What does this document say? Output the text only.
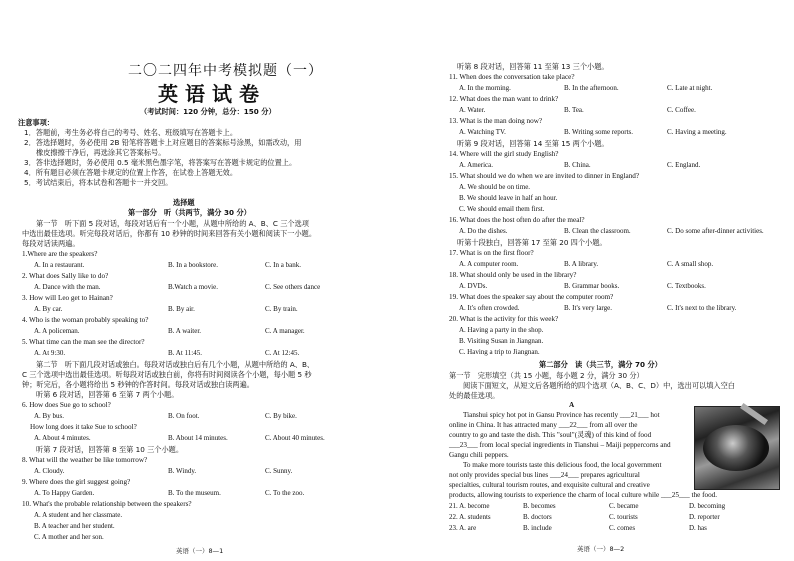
二〇二四年中考模拟题（一）
英语试卷
（考试时间：120 分钟，总分：150 分）
注意事项：
1．答题前，考生务必将自己的考号、姓名、班级填写在答题卡上。
2．答选择题时，务必使用 2B 铅笔将答题卡上对应题目的答案标号涂黑，如需改动，用
橡皮擦擦干净后，再选涂其它答案标号。
3．答非选择题时，务必使用 0.5 毫米黑色墨字笔，将答案写在答题卡规定的位置上。
4．所有题目必须在答题卡规定的位置上作答，在试卷上答题无效。
5．考试结束后，将本试卷和答题卡一并交回。
选择题
第一部分　听（共两节，满分 30 分）
第一节　听下面 5 段对话，每段对话后有一个小题，从题中所给的 A、B、C 三个选项
中选出最佳选项。听完每段对话后，你都有 10 秒钟的时间来回答有关小题和阅读下一小题。
每段对话读两遍。
1.Where are the speakers?
A. In a restaurant.	B. In a bookstore.	C. In a bank.
2. What does Sally like to do?
A. Dance with the man.	B.Watch a movie.	C. See others dance
3. How will Leo get to Hainan?
A. By car.	B. By air.	C. By train.
4. Who is the woman probably speaking to?
A. A policeman.	B. A waiter.	C. A manager.
5. What time can the man see the director?
A. At 9:30.	B. At 11:45.	C. At 12:45.
第二节　听下面几段对话或独白。每段对话或独白后有几个小题，从题中所给的 A、B、
C 三个选项中选出最佳选项。听每段对话或独白前，你将有时间阅读各个小题，每小题 5 秒
钟；听完后，各小题将给出 5 秒钟的作答时间。每段对话或独白读两遍。
听第 6 段对话，回答第 6 至第 7 两个小题。
6. How does Sue go to school?
A. By bus.	B. On foot.	C. By bike.
How long does it take Sue to school?
A. About 4 minutes.	B. About 14 minutes.	C. About 40 minutes.
听第 7 段对话，回答第 8 至第 10 三个小题。
8. What will the weather be like tomorrow?
A. Cloudy.	B. Windy.	C. Sunny.
9. Where does the girl suggest going?
A. To Happy Garden.	B. To the museum.	C. To the zoo.
10. What's the probable relationship between the speakers?
A. A student and her classmate.
B. A teacher and her student.
C. A mother and her son.
英语（一）8—1
听第 8 段对话，回答第 11 至第 13 三个小题。
11. When does the conversation take place?
A. In the morning.	B. In the afternoon.	C. Late at night.
12. What does the man want to drink?
A. Water.	B. Tea.	C. Coffee.
13. What is the man doing now?
A. Watching TV.	B. Writing some reports.	C. Having a meeting.
听第 9 段对话，回答第 14 至第 15 两个小题。
14. Where will the girl study English?
A. America.	B. China.	C. England.
15. What should we do when we are invited to dinner in England?
A. We should be on time.
B. We should leave in half an hour.
C. We should email them first.
16. What does the host often do after the meal?
A. Do the dishes.	B. Clean the classroom.	C. Do some after-dinner activities.
听第十段独白，回答第 17 至第 20 四个小题。
17. What is on the first floor?
A. A computer room.	B. A library.	C. A small shop.
18. What should only be used in the library?
A. DVDs.	B. Grammar books.	C. Textbooks.
19. What does the speaker say about the computer room?
A. It's often crowded.	B. It's very large.	C. It's next to the library.
20. What is the activity for this week?
A. Having a party in the shop.
B. Visiting Susan in Jiangnan.
C. Having a trip to Jiangnan.
第二部分　读（共三节，满分 70 分）
第一节　完形填空（共 15 小题，每小题 2 分，满分 30 分）
阅读下面短文，从短文后各题所给的四个选项（A、B、C、D）中，选出可以填入空白
处的最佳选项。
A
Tianshui spicy hot pot in Gansu Province has recently ___21___ hot
online in China. It has attracted many ___22___ from all over the
country to go and taste the dish. This "soul"(灵魂) of this kind of food
___23___ from local special ingredients in Tianshui – Maiji peppercorns and
Gangu chili peppers.
To make more tourists taste this delicious food, the local government
not only provides special bus lines ___24___ prepares agricultural
specialties, cultural tourism routes, and exquisite cultural and creative
products, allowing tourists to experience the charm of local culture while ___25___ the food.
21. A. become	B. becomes	C. became	D. becoming
22. A. students	B. doctors	C. tourists	D. reporter
23. A. are	B. include	C. comes	D. has
英语（一）8—2
